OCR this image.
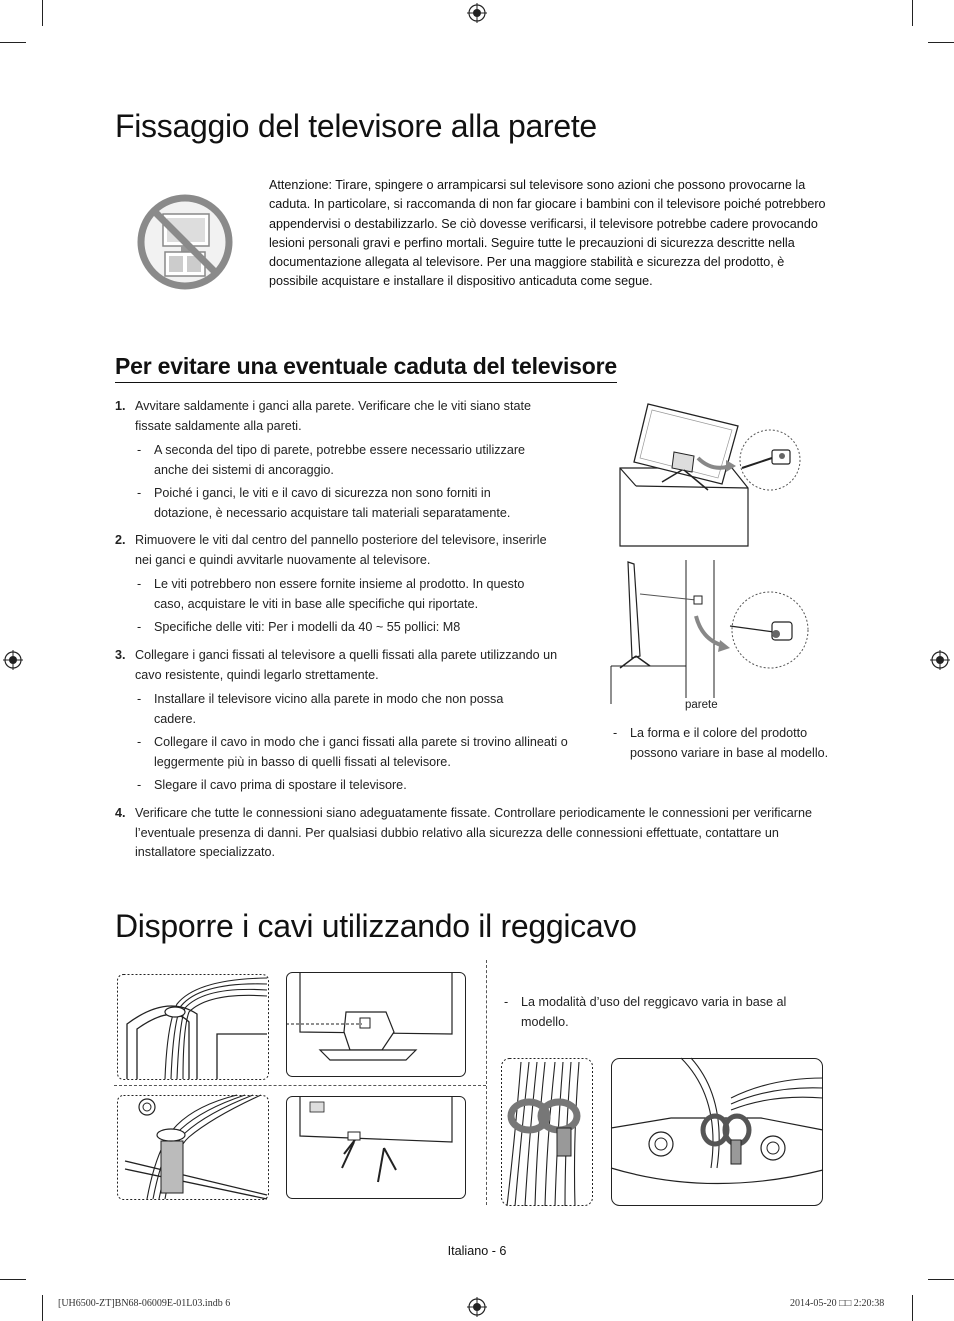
Fissaggio del televisore alla parete
Attenzione: Tirare, spingere o arrampicarsi sul televisore sono azioni che possono provocarne la caduta. In particolare, si raccomanda di non far giocare i bambini con il televisore poiché potrebbero appendervisi o destabilizzarlo. Se ciò dovesse verificarsi, il televisore potrebbe cadere provocando lesioni personali gravi e perfino mortali. Seguire tutte le precauzioni di sicurezza descritte nella documentazione allegata al televisore. Per una maggiore stabilità e sicurezza del prodotto, è possibile acquistare e installare il dispositivo anticaduta come segue.
Per evitare una eventuale caduta del televisore
1. Avvitare saldamente i ganci alla parete. Verificare che le viti siano state fissate saldamente alla pareti.
- A seconda del tipo di parete, potrebbe essere necessario utilizzare anche dei sistemi di ancoraggio.
- Poiché i ganci, le viti e il cavo di sicurezza non sono forniti in dotazione, è necessario acquistare tali materiali separatamente.
2. Rimuovere le viti dal centro del pannello posteriore del televisore, inserirle nei ganci e quindi avvitarle nuovamente al televisore.
- Le viti potrebbero non essere fornite insieme al prodotto. In questo caso, acquistare le viti in base alle specifiche qui riportate.
- Specifiche delle viti: Per i modelli da 40 ~ 55 pollici: M8
3. Collegare i ganci fissati al televisore a quelli fissati alla parete utilizzando un cavo resistente, quindi legarlo strettamente.
- Installare il televisore vicino alla parete in modo che non possa cadere.
- Collegare il cavo in modo che i ganci fissati alla parete si trovino allineati o leggermente più in basso di quelli fissati al televisore.
- Slegare il cavo prima di spostare il televisore.
4. Verificare che tutte le connessioni siano adeguatamente fissate. Controllare periodicamente le connessioni per verificarne l’eventuale presenza di danni. Per qualsiasi dubbio relativo alla sicurezza delle connessioni effettuate, contattare un installatore specializzato.
parete
- La forma e il colore del prodotto possono variare in base al modello.
Disporre i cavi utilizzando il reggicavo
- La modalità d’uso del reggicavo varia in base al modello.
Italiano - 6
[UH6500-ZT]BN68-06009E-01L03.indb 6	2014-05-20 □□ 2:20:38
